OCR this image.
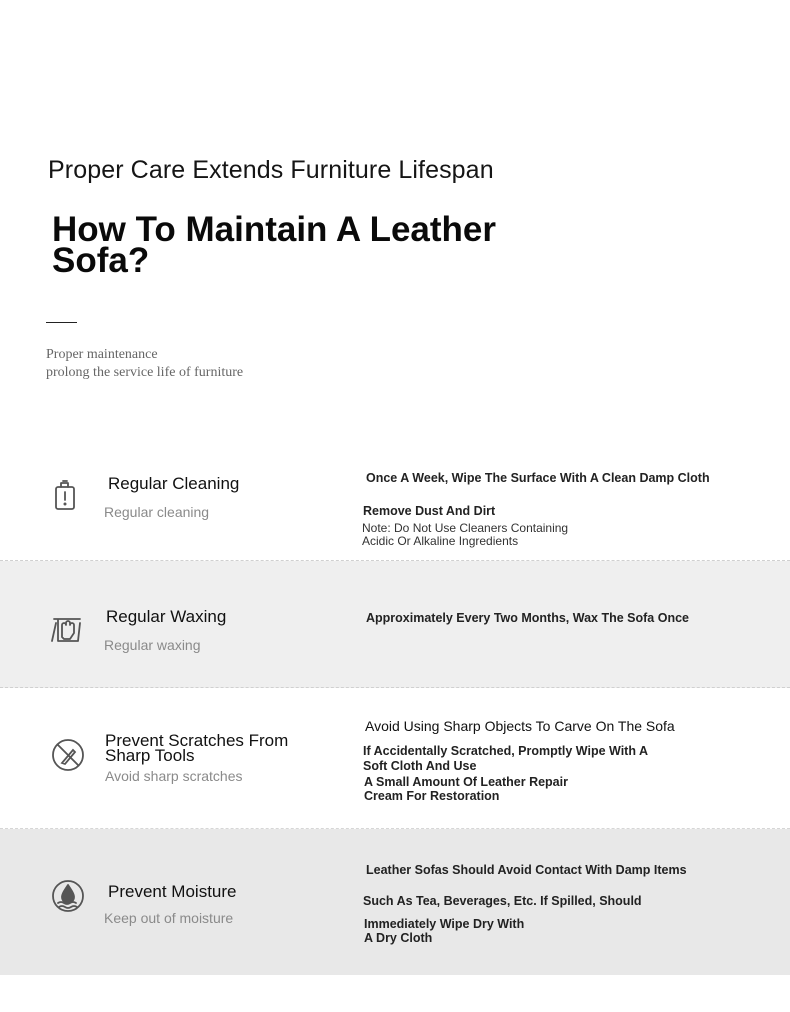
Proper Care Extends Furniture Lifespan
How To Maintain A Leather Sofa?
Proper maintenance
prolong the service life of furniture
Regular Cleaning
Regular cleaning
Once A Week, Wipe The Surface With A Clean Damp Cloth
Remove Dust And Dirt
Note: Do Not Use Cleaners Containing
Acidic Or Alkaline Ingredients
Regular Waxing
Regular waxing
Approximately Every Two Months, Wax The Sofa Once
Prevent Scratches From Sharp Tools
Avoid sharp scratches
Avoid Using Sharp Objects To Carve On The Sofa
If Accidentally Scratched, Promptly Wipe With A
Soft Cloth And Use
A Small Amount Of Leather Repair
Cream For Restoration
Prevent Moisture
Keep out of moisture
Leather Sofas Should Avoid Contact With Damp Items
Such As Tea, Beverages, Etc. If Spilled, Should
Immediately Wipe Dry With
A Dry Cloth
